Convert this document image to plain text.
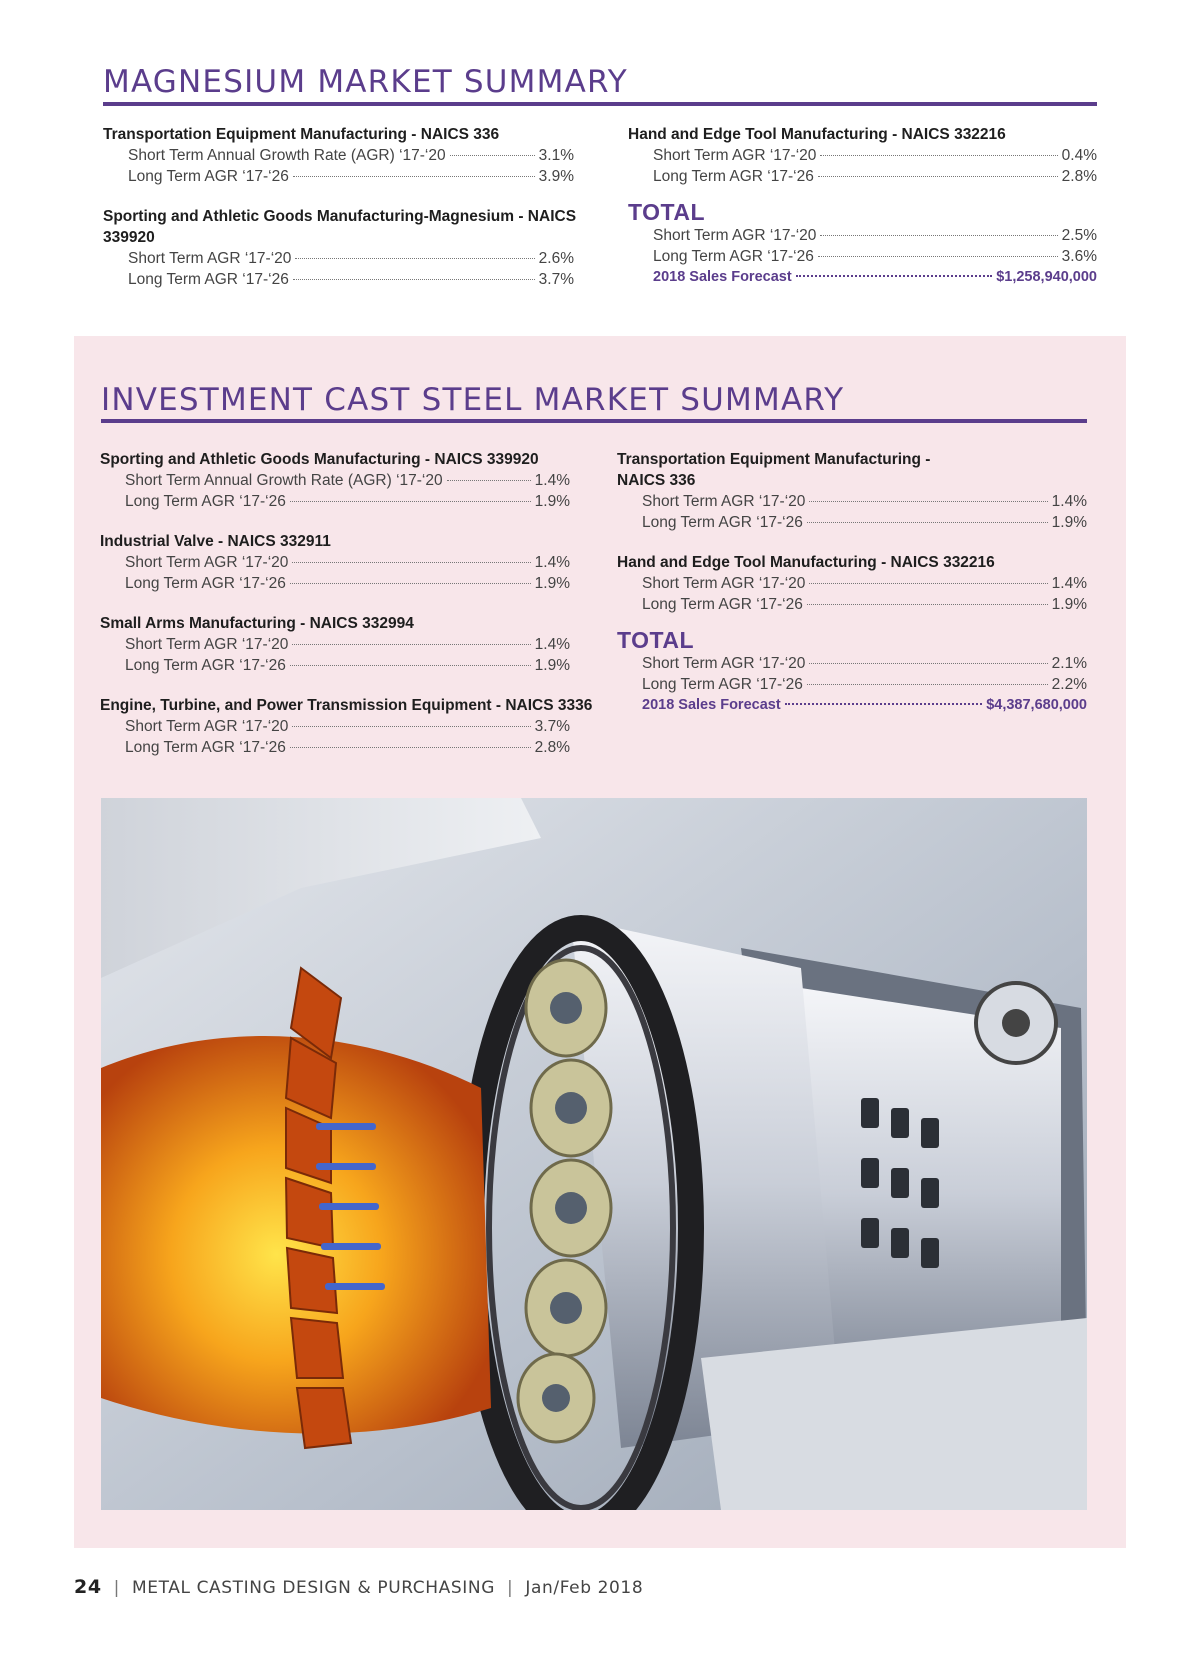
MAGNESIUM MARKET SUMMARY
Transportation Equipment Manufacturing - NAICS 336
Short Term Annual Growth Rate (AGR) ‘17-‘20	3.1%
Long Term AGR ‘17-‘26	3.9%
Sporting and Athletic Goods Manufacturing-Magnesium - NAICS
339920
Short Term AGR ‘17-‘20	2.6%
Long Term AGR ‘17-‘26	3.7%
Hand and Edge Tool Manufacturing - NAICS 332216
Short Term AGR ‘17-‘20	0.4%
Long Term AGR ‘17-‘26	2.8%
TOTAL
Short Term AGR ‘17-‘20	2.5%
Long Term AGR ‘17-‘26	3.6%
2018 Sales Forecast	$1,258,940,000
INVESTMENT CAST STEEL MARKET SUMMARY
Sporting and Athletic Goods Manufacturing - NAICS 339920
Short Term Annual Growth Rate (AGR) ‘17-‘20	1.4%
Long Term AGR ‘17-‘26	1.9%
Industrial Valve - NAICS 332911
Short Term AGR ‘17-‘20	1.4%
Long Term AGR ‘17-‘26	1.9%
Small Arms Manufacturing - NAICS 332994
Short Term AGR ‘17-‘20	1.4%
Long Term AGR ‘17-‘26	1.9%
Engine, Turbine, and Power Transmission Equipment - NAICS 3336
Short Term AGR ‘17-‘20	3.7%
Long Term AGR ‘17-‘26	2.8%
Transportation Equipment Manufacturing -
NAICS 336
Short Term AGR ‘17-‘20	1.4%
Long Term AGR ‘17-‘26	1.9%
Hand and Edge Tool Manufacturing - NAICS 332216
Short Term AGR ‘17-‘20	1.4%
Long Term AGR ‘17-‘26	1.9%
TOTAL
Short Term AGR ‘17-‘20	2.1%
Long Term AGR ‘17-‘26	2.2%
2018 Sales Forecast	$4,387,680,000
24 | METAL CASTING DESIGN & PURCHASING | Jan/Feb 2018
